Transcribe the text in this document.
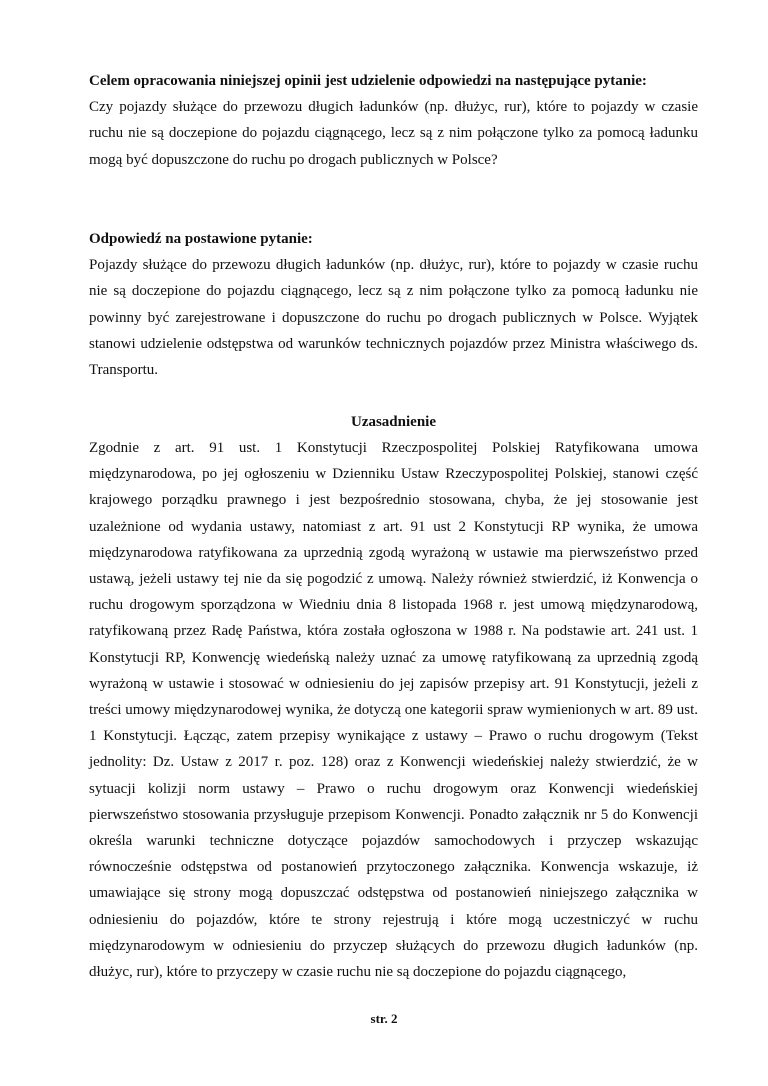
Celem opracowania niniejszej opinii jest udzielenie odpowiedzi na następujące pytanie:
Czy pojazdy służące do przewozu długich ładunków (np. dłużyc, rur), które to pojazdy w czasie ruchu nie są doczepione do pojazdu ciągnącego, lecz są z nim połączone tylko za pomocą ładunku mogą być dopuszczone do ruchu po drogach publicznych w Polsce?
Odpowiedź na postawione pytanie:
Pojazdy służące do przewozu długich ładunków (np. dłużyc, rur), które to pojazdy w czasie ruchu nie są doczepione do pojazdu ciągnącego, lecz są z nim połączone tylko za pomocą ładunku nie powinny być zarejestrowane i dopuszczone do ruchu po drogach publicznych w Polsce. Wyjątek stanowi udzielenie odstępstwa od warunków technicznych pojazdów przez Ministra właściwego ds. Transportu.
Uzasadnienie
Zgodnie z art. 91 ust. 1 Konstytucji Rzeczpospolitej Polskiej Ratyfikowana umowa międzynarodowa, po jej ogłoszeniu w Dzienniku Ustaw Rzeczypospolitej Polskiej, stanowi część krajowego porządku prawnego i jest bezpośrednio stosowana, chyba, że jej stosowanie jest uzależnione od wydania ustawy, natomiast z art. 91 ust 2 Konstytucji RP wynika, że umowa międzynarodowa ratyfikowana za uprzednią zgodą wyrażoną w ustawie ma pierwszeństwo przed ustawą, jeżeli ustawy tej nie da się pogodzić z umową. Należy również stwierdzić, iż Konwencja o ruchu drogowym sporządzona w Wiedniu dnia 8 listopada 1968 r. jest umową międzynarodową, ratyfikowaną przez Radę Państwa, która została ogłoszona w 1988 r. Na podstawie art. 241 ust. 1 Konstytucji RP, Konwencję wiedeńską należy uznać za umowę ratyfikowaną za uprzednią zgodą wyrażoną w ustawie i stosować w odniesieniu do jej zapisów przepisy art. 91 Konstytucji, jeżeli z treści umowy międzynarodowej wynika, że dotyczą one kategorii spraw wymienionych w art. 89 ust. 1 Konstytucji. Łącząc, zatem przepisy wynikające z ustawy – Prawo o ruchu drogowym (Tekst jednolity: Dz. Ustaw z 2017 r. poz. 128) oraz z Konwencji wiedeńskiej należy stwierdzić, że w sytuacji kolizji norm ustawy – Prawo o ruchu drogowym oraz Konwencji wiedeńskiej pierwszeństwo stosowania przysługuje przepisom Konwencji. Ponadto załącznik nr 5 do Konwencji określa warunki techniczne dotyczące pojazdów samochodowych i przyczep wskazując równocześnie odstępstwa od postanowień przytoczonego załącznika. Konwencja wskazuje, iż umawiające się strony mogą dopuszczać odstępstwa od postanowień niniejszego załącznika w odniesieniu do pojazdów, które te strony rejestrują i które mogą uczestniczyć w ruchu międzynarodowym w odniesieniu do przyczep służących do przewozu długich ładunków (np. dłużyc, rur), które to przyczepy w czasie ruchu nie są doczepione do pojazdu ciągnącego,
str. 2
